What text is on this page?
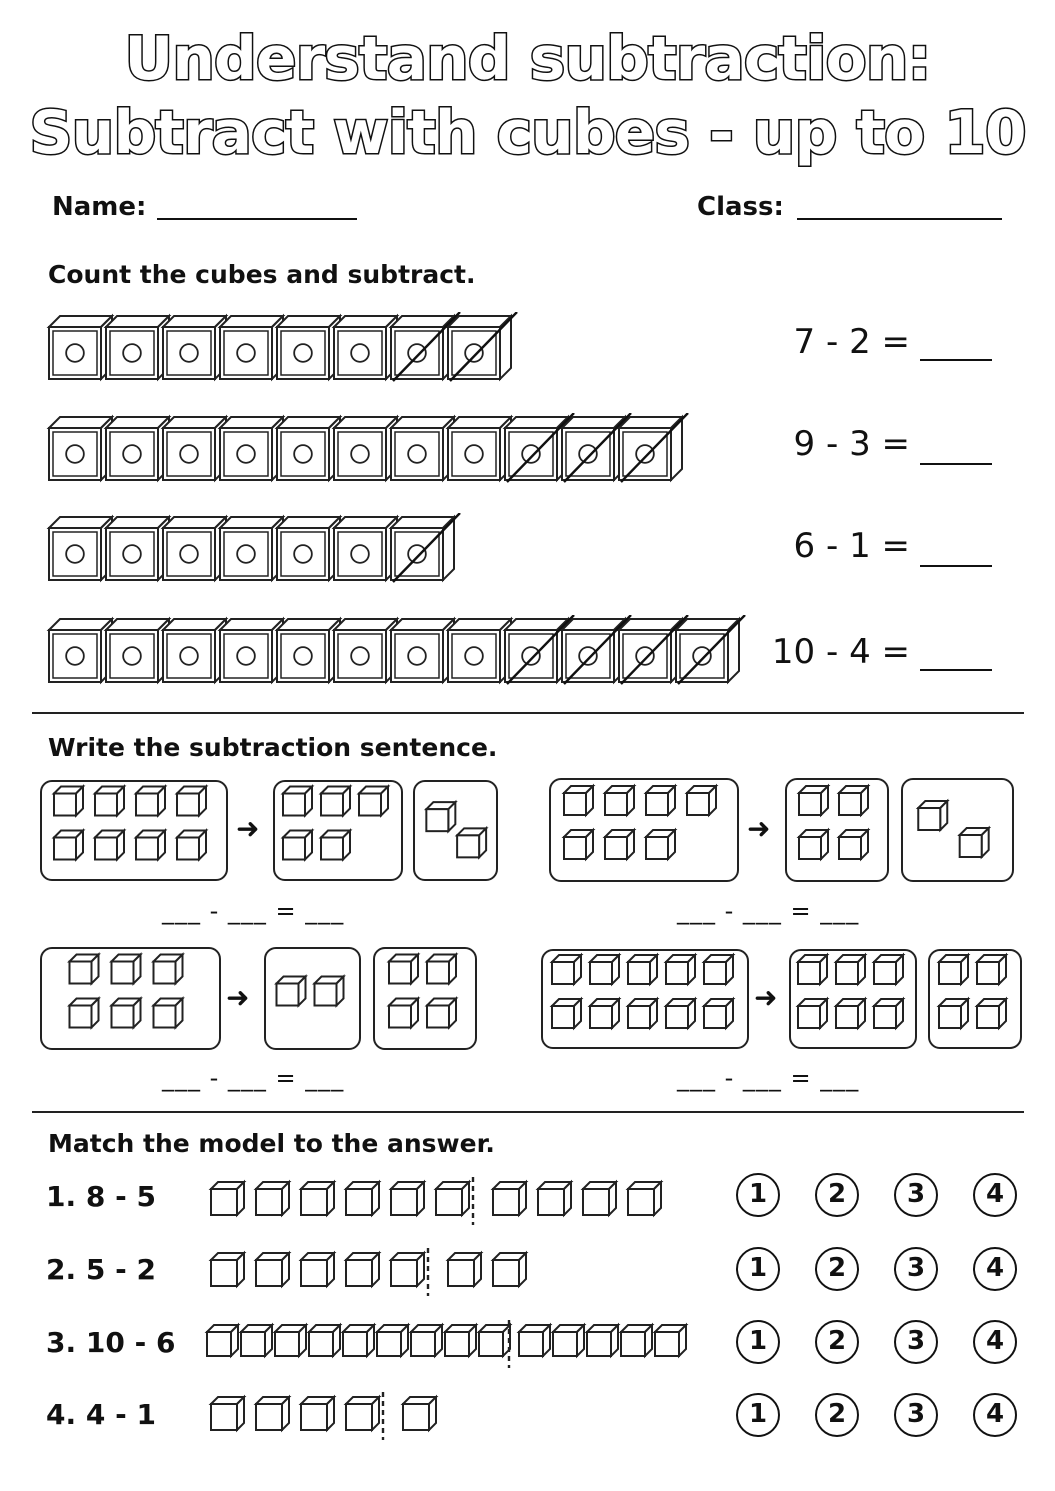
Understand subtraction: Subtract with cubes - up to 10
Name:	Class:
Count the cubes and subtract.
7 - 2 =
9 - 3 =
6 - 1 =
10 - 4 =
Write the subtraction sentence.
➜
___ - ___ = ___
➜
___ - ___ = ___
➜
___ - ___ = ___
➜
___ - ___ = ___
Match the model to the answer.
1. 8 - 5
2. 5 - 2
3. 10 - 6
4. 4 - 1
1	2	3	4
1	2	3	4
1	2	3	4
1	2	3	4
